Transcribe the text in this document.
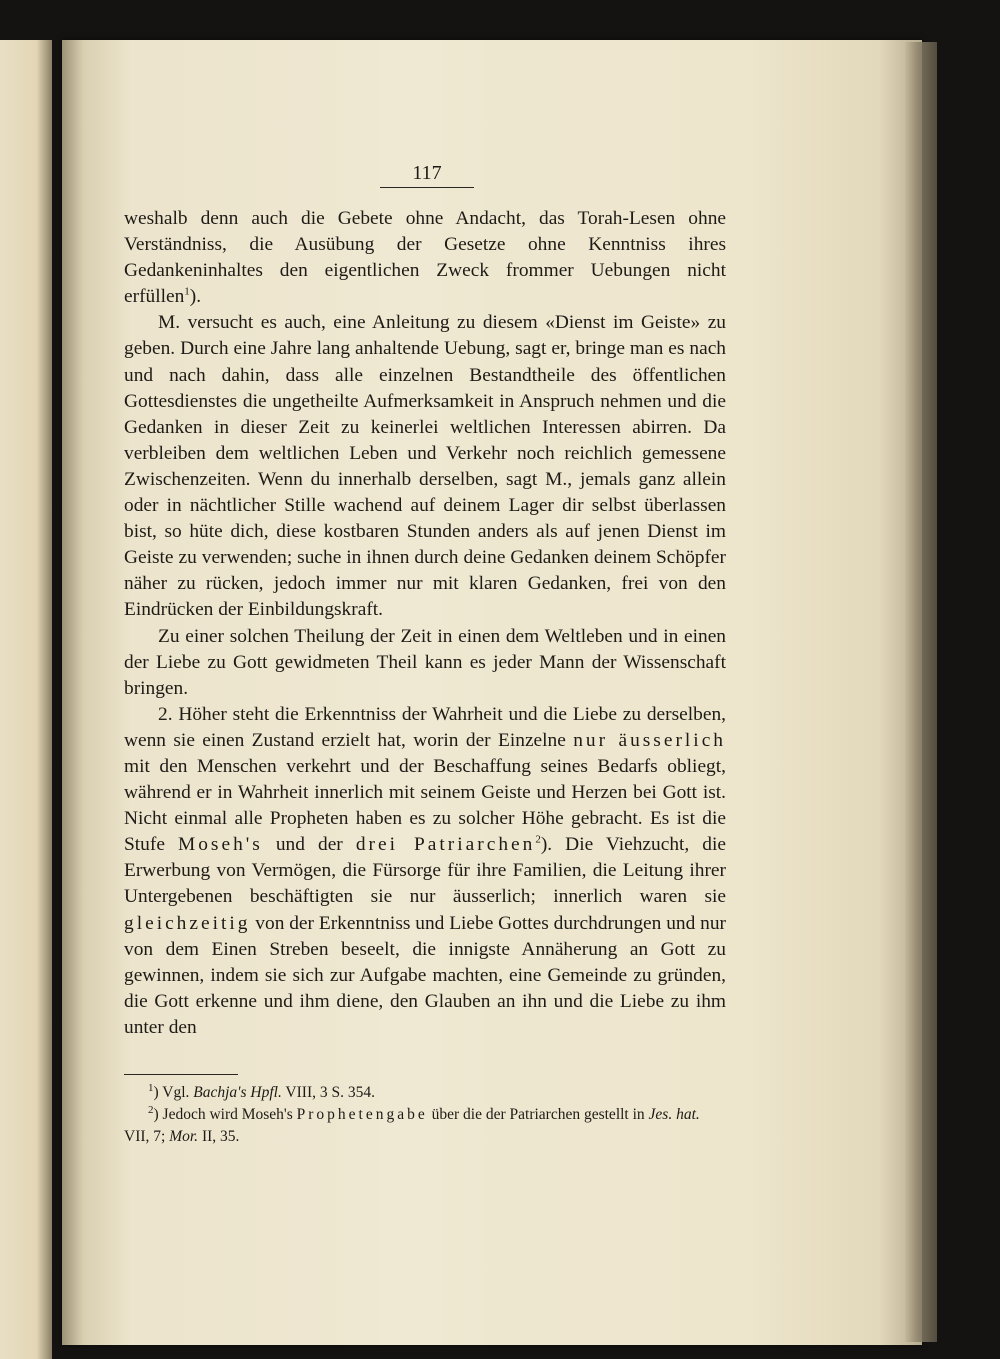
117

weshalb denn auch die Gebete ohne Andacht, das Torah-Lesen ohne Verständniss, die Ausübung der Gesetze ohne Kenntniss ihres Gedankeninhaltes den eigentlichen Zweck frommer Uebungen nicht erfüllen$^1$).

M. versucht es auch, eine Anleitung zu diesem «Dienst im Geiste» zu geben. Durch eine Jahre lang anhaltende Uebung, sagt er, bringe man es nach und nach dahin, dass alle einzelnen Bestandtheile des öffentlichen Gottesdienstes die ungetheilte Aufmerksamkeit in Anspruch nehmen und die Gedanken in dieser Zeit zu keinerlei weltlichen Interessen abirren. Da verbleiben dem weltlichen Leben und Verkehr noch reichlich gemessene Zwischenzeiten. Wenn du innerhalb derselben, sagt M., jemals ganz allein oder in nächtlicher Stille wachend auf deinem Lager dir selbst überlassen bist, so hüte dich, diese kostbaren Stunden anders als auf jenen Dienst im Geiste zu verwenden; suche in ihnen durch deine Gedanken deinem Schöpfer näher zu rücken, jedoch immer nur mit klaren Gedanken, frei von den Eindrücken der Einbildungskraft.

Zu einer solchen Theilung der Zeit in einen dem Weltleben und in einen der Liebe zu Gott gewidmeten Theil kann es jeder Mann der Wissenschaft bringen.

2. Höher steht die Erkenntniss der Wahrheit und die Liebe zu derselben, wenn sie einen Zustand erzielt hat, worin der Einzelne nur äusserlich mit den Menschen verkehrt und der Beschaffung seines Bedarfs obliegt, während er in Wahrheit innerlich mit seinem Geiste und Herzen bei Gott ist. Nicht einmal alle Propheten haben es zu solcher Höhe gebracht. Es ist die Stufe Moseh's und der drei Patriarchen$^2$). Die Viehzucht, die Erwerbung von Vermögen, die Fürsorge für ihre Familien, die Leitung ihrer Untergebenen beschäftigten sie nur äusserlich; innerlich waren sie gleichzeitig von der Erkenntniss und Liebe Gottes durchdrungen und nur von dem Einen Streben beseelt, die innigste Annäherung an Gott zu gewinnen, indem sie sich zur Aufgabe machten, eine Gemeinde zu gründen, die Gott erkenne und ihm diene, den Glauben an ihn und die Liebe zu ihm unter den

$^1$) Vgl. Bachja's Hpfl. VIII, 3 S. 354.

$^2$) Jedoch wird Moseh's Prophetengabe über die der Patriarchen gestellt in Jes. hat. VII, 7; Mor. II, 35.
